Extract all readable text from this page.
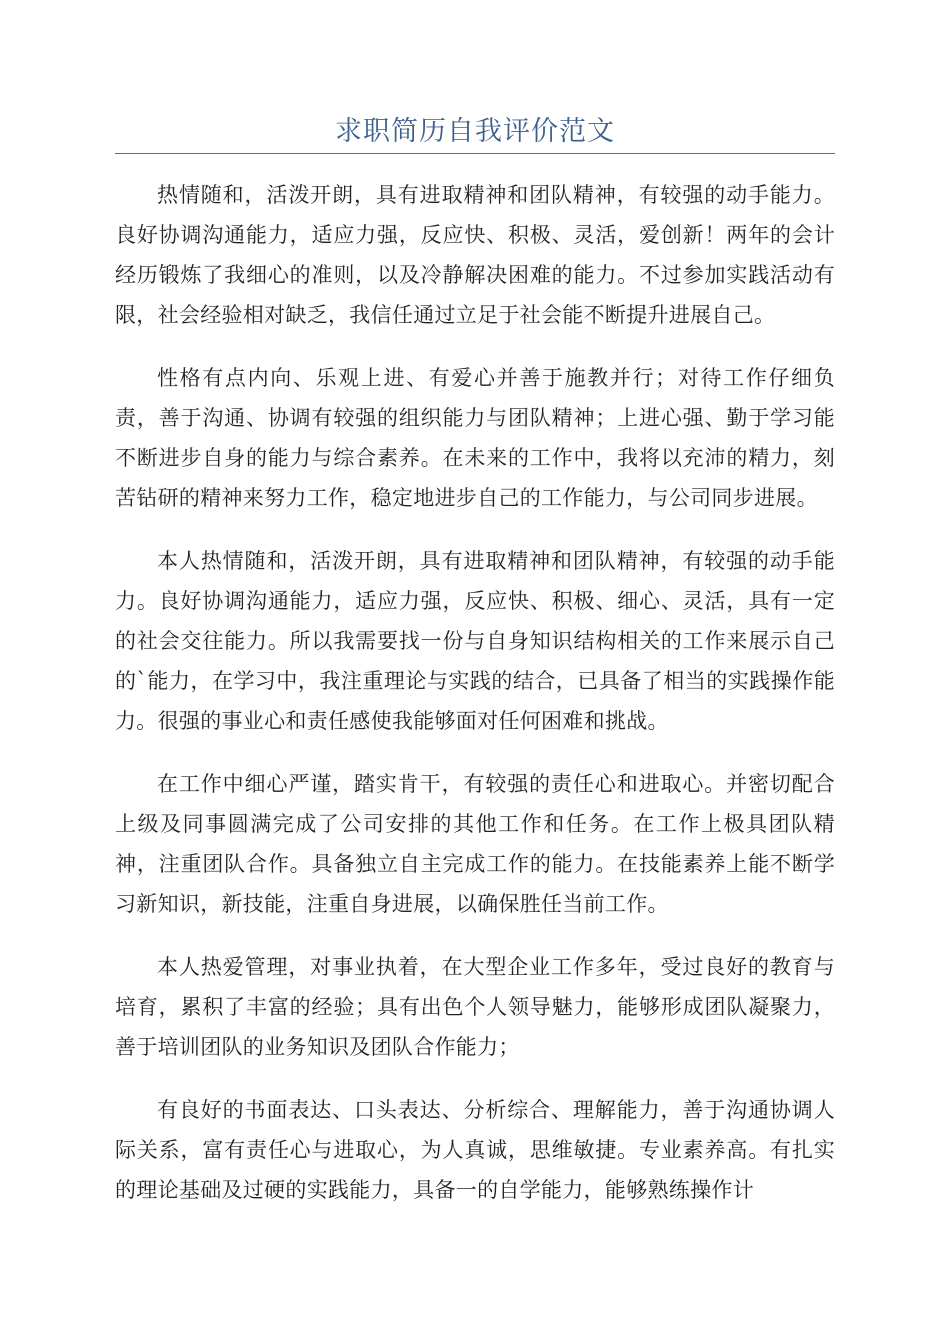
求职简历自我评价范文

热情随和，活泼开朗，具有进取精神和团队精神，有较强的动手能力。良好协调沟通能力，适应力强，反应快、积极、灵活，爱创新！两年的会计经历锻炼了我细心的准则，以及冷静解决困难的能力。不过参加实践活动有限，社会经验相对缺乏，我信任通过立足于社会能不断提升进展自己。

性格有点内向、乐观上进、有爱心并善于施教并行；对待工作仔细负责，善于沟通、协调有较强的组织能力与团队精神；上进心强、勤于学习能不断进步自身的能力与综合素养。在未来的工作中，我将以充沛的精力，刻苦钻研的精神来努力工作，稳定地进步自己的工作能力，与公司同步进展。

本人热情随和，活泼开朗，具有进取精神和团队精神，有较强的动手能力。良好协调沟通能力，适应力强，反应快、积极、细心、灵活，具有一定的社会交往能力。所以我需要找一份与自身知识结构相关的工作来展示自己的`能力，在学习中，我注重理论与实践的结合，已具备了相当的实践操作能力。很强的事业心和责任感使我能够面对任何困难和挑战。

在工作中细心严谨，踏实肯干，有较强的责任心和进取心。并密切配合上级及同事圆满完成了公司安排的其他工作和任务。在工作上极具团队精神，注重团队合作。具备独立自主完成工作的能力。在技能素养上能不断学习新知识，新技能，注重自身进展，以确保胜任当前工作。

本人热爱管理，对事业执着，在大型企业工作多年，受过良好的教育与培育，累积了丰富的经验；具有出色个人领导魅力，能够形成团队凝聚力，善于培训团队的业务知识及团队合作能力；

有良好的书面表达、口头表达、分析综合、理解能力，善于沟通协调人际关系，富有责任心与进取心，为人真诚，思维敏捷。专业素养高。有扎实的理论基础及过硬的实践能力，具备一的自学能力，能够熟练操作计
